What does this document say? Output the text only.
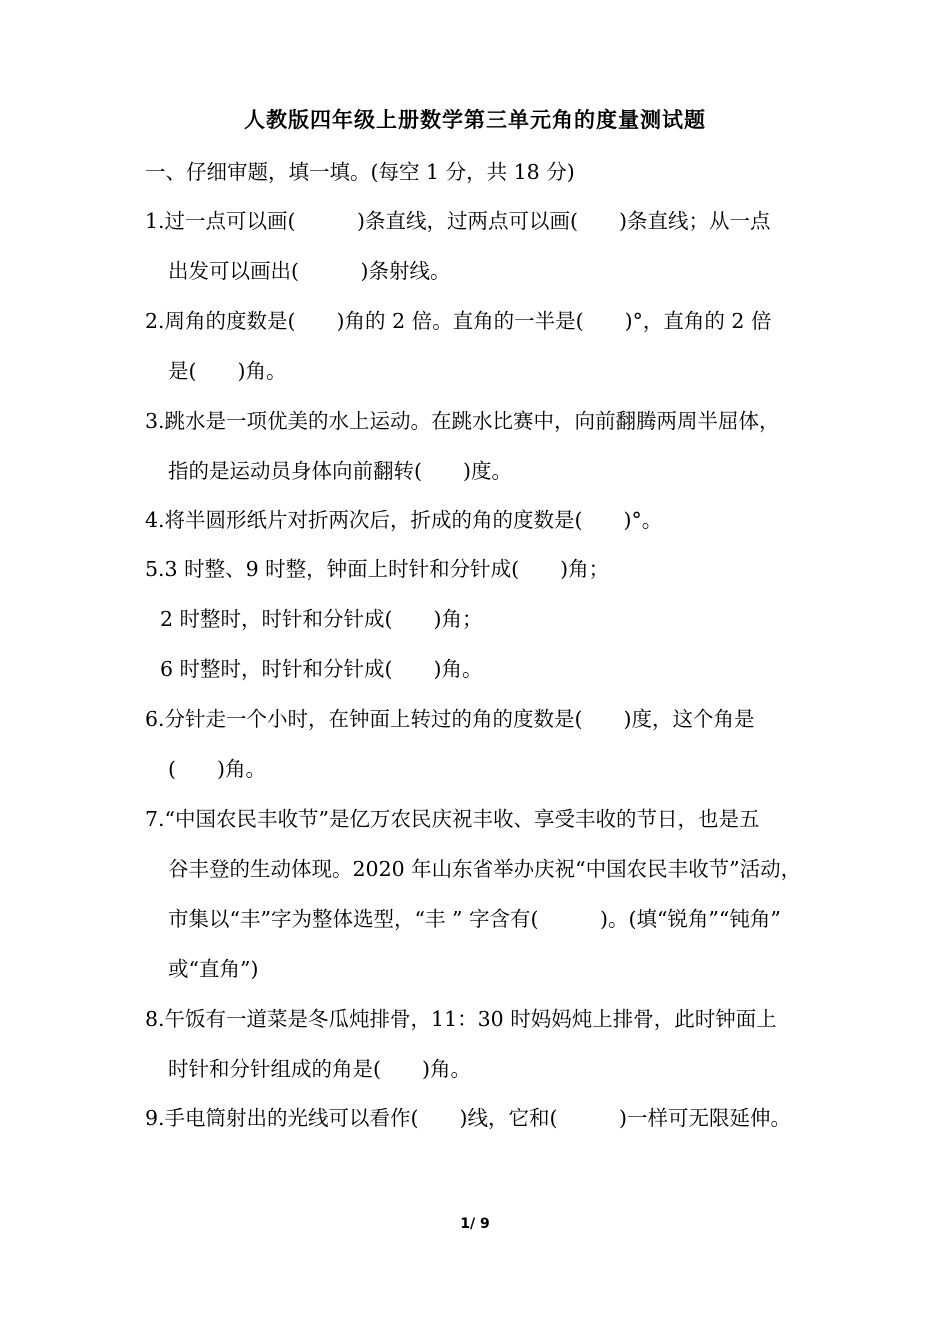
人教版四年级上册数学第三单元角的度量测试题
一、仔细审题，填一填。(每空 1 分，共 18 分)
1.过一点可以画(　　　)条直线，过两点可以画(　　)条直线；从一点
出发可以画出(　　　)条射线。
2.周角的度数是(　　)角的 2 倍。直角的一半是(　　)°，直角的 2 倍
是(　　)角。
3.跳水是一项优美的水上运动。在跳水比赛中，向前翻腾两周半屈体，
指的是运动员身体向前翻转(　　)度。
4.将半圆形纸片对折两次后，折成的角的度数是(　　)°。
5.3 时整、9 时整，钟面上时针和分针成(　　)角；
2 时整时，时针和分针成(　　)角；
6 时整时，时针和分针成(　　)角。
6.分针走一个小时，在钟面上转过的角的度数是(　　)度，这个角是
(　　)角。
7.“中国农民丰收节”是亿万农民庆祝丰收、享受丰收的节日，也是五
谷丰登的生动体现。2020 年山东省举办庆祝“中国农民丰收节”活动，
市集以“丰”字为整体选型，“丰 ” 字含有(　　　)。(填“锐角”“钝角”
或“直角”)
8.午饭有一道菜是冬瓜炖排骨，11：30 时妈妈炖上排骨，此时钟面上
时针和分针组成的角是(　　)角。
9.手电筒射出的光线可以看作(　　)线，它和(　　　)一样可无限延伸。
1/ 9
